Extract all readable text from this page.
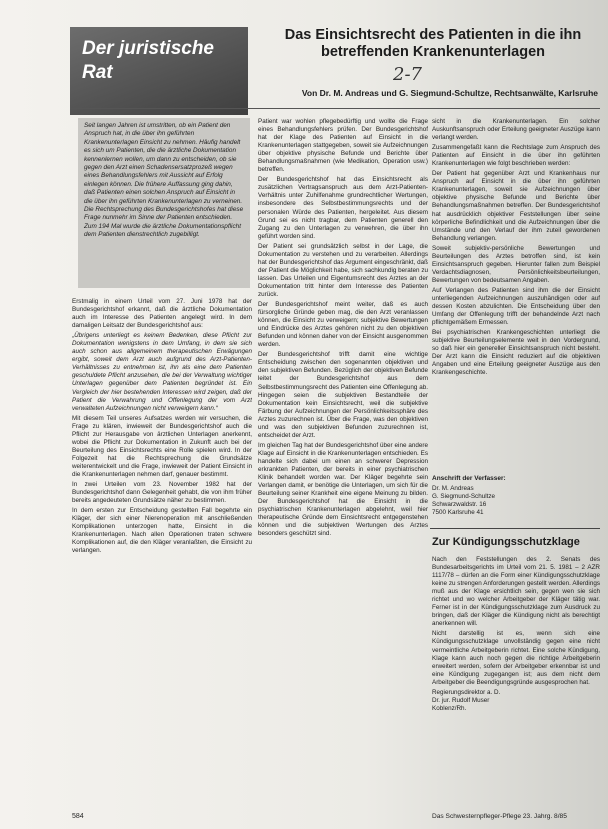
Der juristische Rat
Das Einsichtsrecht des Patienten in die ihn betreffenden Krankenunterlagen
2-7
Von Dr. M. Andreas und G. Siegmund-Schultze, Rechtsanwälte, Karlsruhe
Seit langen Jahren ist umstritten, ob ein Patient den Anspruch hat, in die über ihn geführten Krankenunterlagen Einsicht zu nehmen. Häufig handelt es sich um Patienten, die die ärztliche Dokumentation kennenlernen wollen, um dann zu entscheiden, ob sie gegen den Arzt einen Schadensersatzprozeß wegen eines Behandlungsfehlers mit Aussicht auf Erfolg einlegen können. Die frühere Auffassung ging dahin, daß Patienten einen solchen Anspruch auf Einsicht in die über ihn geführten Krankenunterlagen zu verneinen. Die Rechtsprechung des Bundesgerichtshofes hat diese Frage nunmehr im Sinne der Patienten entschieden. Zum 194 Mal wurde die ärztliche Dokumentationspflicht dem Patienten dienstrechtlich zugebilligt.

Erstmalig in einem Urteil vom 27. Juni 1978 hat der Bundesgerichtshof erkannt, daß die ärztliche Dokumentation auch im Interesse des Patienten angelegt wird. In dem damaligen Leitsatz der Bundesgerichtshof aus:

„Übrigens unterliegt es keinem Bedenken, diese Pflicht zur Dokumentation wenigstens in dem Umfang, in dem sie sich auch schon aus allgemeinem therapeutischen Erwägungen ergibt, soweit dem Arzt auch aufgrund des Arzt-Patienten-Verhältnisses zu entnehmen ist, ihn als eine dem Patienten geschuldete Pflicht anzusehen, die bei der Verwaltung wichtiger Unterlagen gegenüber dem Patienten begründet ist. Ein Vergleich der hier bestehenden Interessen wird zeigen, daß der Patient die Verwahrung und Offenlegung der vom Arzt verwalteten Aufzeichnungen nicht verweigern kann.“

Mit diesem Teil unseres Aufsatzes werden wir versuchen, die Frage zu klären, inwieweit der Bundesgerichtshof auch die Pflicht zur Herausgabe von ärztlichen Unterlagen anerkennt, wobei die Pflicht zur Dokumentation in Zukunft auch bei der Beurteilung des Einsichtsrechts eine Rolle spielen wird. In der Folgezeit hat die Rechtsprechung die Grundsätze weiterentwickelt und die Frage, inwieweit der Patient Einsicht in die Krankenunterlagen nehmen darf, genauer bestimmt.

In zwei Urteilen vom 23. November 1982 hat der Bundesgerichtshof dann Gelegenheit gehabt, die von ihm früher bereits angedeuteten Grundsätze näher zu bestimmen.

In dem ersten zur Entscheidung gestellten Fall begehrte ein Kläger, der sich einer Nierenoperation mit anschließenden Komplikationen unterzogen hatte, Einsicht in die Krankenunterlagen. Nach allen Operationen traten schwere Komplikationen auf, die den Kläger veranlaßten, die Einsicht zu verlangen.

Patient war wohlen pflegebedürftig und wollte die Frage eines Behandlungsfehlers prüfen. Der Bundesgerichtshof hat der Klage des Patienten auf Einsicht in die Krankenunterlagen stattgegeben, soweit sie Aufzeichnungen über objektive physische Befunde und Berichte über Behandlungsmaßnahmen (wie Medikation, Operation usw.) betreffen.

Der Bundesgerichtshof hat das Einsichtsrecht als zusätzlichen Vertragsanspruch aus dem Arzt-Patienten-Verhältnis unter Zuhilfenahme grundrechtlicher Wertungen, insbesondere des Selbstbestimmungsrechts und der personalen Würde des Patienten, hergeleitet. Aus diesem Grund sei es nicht tragbar, dem Patienten generell den Zugang zu den Unterlagen zu verwehren, die über ihn geführt worden sind.

Der Patient sei grundsätzlich selbst in der Lage, die Dokumentation zu verstehen und zu verarbeiten. Allerdings hat der Bundesgerichtshof das Argument eingeschränkt, daß der Patient die Möglichkeit habe, sich sachkundig beraten zu lassen. Das Urteilen und Eigentumsrecht des Arztes an der Dokumentation tritt hinter dem Interesse des Patienten zurück.

Der Bundesgerichtshof meint weiter, daß es auch fürsorgliche Gründe geben mag, die den Arzt veranlassen können, die Einsicht zu verweigern; subjektive Bewertungen und Eindrücke des Arztes gehören nicht zu den objektiven Befunden und können daher von der Einsicht ausgenommen werden.

Der Bundesgerichtshof trifft damit eine wichtige Entscheidung zwischen den sogenannten objektiven und den subjektiven Befunden. Bezüglich der objektiven Befunde leitet der Bundesgerichtshof aus dem Selbstbestimmungsrecht des Patienten eine Offenlegung ab. Hingegen seien die subjektiven Bestandteile der Dokumentation kein Einsichtsrecht, weil die subjektive Färbung der Aufzeichnungen der Persönlichkeitssphäre des Arztes zuzurechnen ist. Über die Frage, was den objektiven und was den subjektiven Befunden zuzurechnen ist, entscheidet der Arzt.

Im gleichen Tag hat der Bundesgerichtshof über eine andere Klage auf Einsicht in die Krankenunterlagen entschieden. Es handelte sich dabei um einen an schwerer Depression erkrankten Patienten, der bereits in einer psychiatrischen Klinik behandelt worden war. Der Kläger begehrte sein Verlangen damit, er benötige die Unterlagen, um sich für die Beurteilung seiner Krankheit eine eigene Meinung zu bilden. Der Bundesgerichtshof hat die Einsicht in die psychiatrischen Krankenunterlagen abgelehnt, weil hier therapeutische Gründe dem Einsichtsrecht entgegenstehen können und die subjektiven Wertungen des Arztes besonders geschützt sind.

sicht in die Krankenunterlagen. Ein solcher Auskunftsanspruch oder Erteilung geeigneter Auszüge kann verlangt werden.

Zusammengefaßt kann die Rechtslage zum Anspruch des Patienten auf Einsicht in die über ihn geführten Krankenunterlagen wie folgt beschrieben werden:

Der Patient hat gegenüber Arzt und Krankenhaus nur Anspruch auf Einsicht in die über ihn geführten Krankenunterlagen, soweit sie Aufzeichnungen über objektive physische Befunde und Berichte über Behandlungsmaßnahmen betreffen. Der Bundesgerichtshof hat ausdrücklich objektiver Feststellungen über seine körperliche Befindlichkeit und die Aufzeichnungen über die Umstände und den Verlauf der ihm zuteil gewordenen Behandlung verlangen.

Soweit subjektiv-persönliche Bewertungen und Beurteilungen des Arztes betroffen sind, ist kein Einsichtsanspruch gegeben. Hierunter fallen zum Beispiel Verdachtsdiagnosen, Persönlichkeitsbeurteilungen, Bewertungen von bedeutsamen Angaben.

Auf Verlangen des Patienten sind ihm die der Einsicht unterliegenden Aufzeichnungen auszuhändigen oder auf dessen Kosten abzulichten. Die Entscheidung über den Umfang der Offenlegung trifft der behandelnde Arzt nach pflichtgemäßem Ermessen.

Bei psychiatrischen Krankengeschichten unterliegt die subjektive Beurteilungselemente weit in den Vordergrund, so daß hier ein genereller Einsichtsanspruch nicht besteht. Der Arzt kann die Einsicht reduziert auf die objektiven Angaben und eine Erteilung geeigneter Auszüge aus den Krankengeschichte.

Anschrift der Verfasser:
Dr. M. Andreas
G. Siegmund-Schultze
Schwarzwaldstr. 16
7500 Karlsruhe 41
Zur Kündigungsschutzklage

Nach den Feststellungen des 2. Senats des Bundesarbeitsgerichts im Urteil vom 21. 5. 1981 – 2 AZR 1117/78 – dürfen an die Form einer Kündigungsschutzklage keine zu strengen Anforderungen gestellt werden. Allerdings muß aus der Klage ersichtlich sein, gegen wen sie sich richtet und wo welcher Arbeitgeber der Kläger tätig war. Ferner ist in der Kündigungsschutzklage zum Ausdruck zu bringen, daß der Kläger die Kündigung nicht als berechtigt anerkennen will.

Nicht darstellig ist es, wenn sich eine Kündigungsschutzklage unvollständig gegen eine nicht vermeintliche Arbeitgeberin richtet. Eine solche Kündigung, Klage kann auch noch gegen die richtige Arbeitgeberin erweitert werden, sofern der Arbeitgeber erkennbar ist und eine Kündigung zugegangen ist; aus dem nicht dem Arbeitgeber die Beendigungsgründe ausgesprochen hat.

Regierungsdirektor a. D.

Dr. jur. Rudolf Muser

Koblenz/Rh.

584	Das Schwesternpfleger-Pflege 23. Jahrg. 8/85
